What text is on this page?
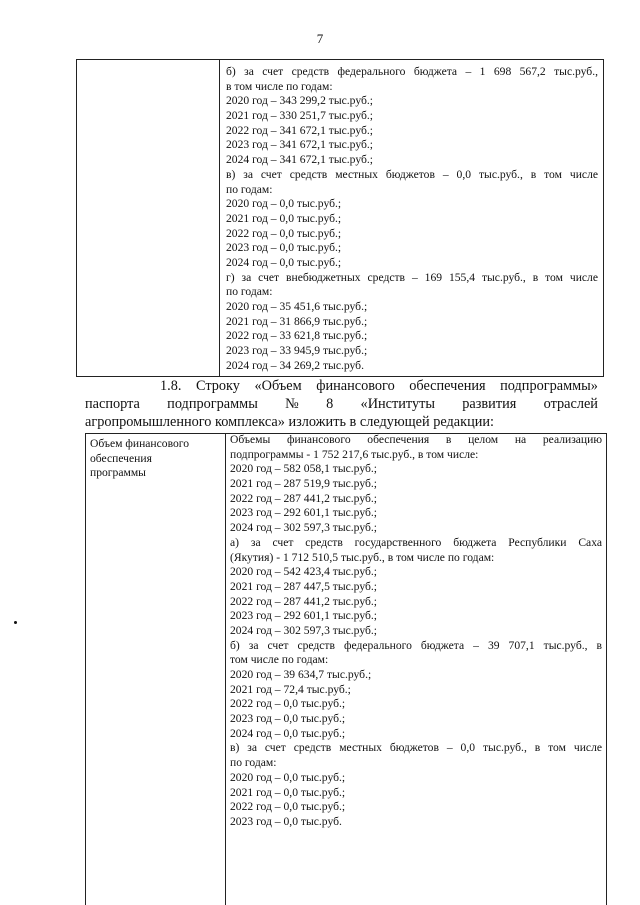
7
б) за счет средств федерального бюджета – 1 698 567,2 тыс.руб.,
в том числе по годам:
2020 год – 343 299,2 тыс.руб.;
2021 год – 330 251,7 тыс.руб.;
2022 год – 341 672,1 тыс.руб.;
2023 год – 341 672,1 тыс.руб.;
2024 год – 341 672,1 тыс.руб.;
в) за счет средств местных бюджетов – 0,0 тыс.руб., в том числе
по годам:
2020 год – 0,0 тыс.руб.;
2021 год – 0,0 тыс.руб.;
2022 год – 0,0 тыс.руб.;
2023 год – 0,0 тыс.руб.;
2024 год – 0,0 тыс.руб.;
г) за счет внебюджетных средств – 169 155,4 тыс.руб., в том числе
по годам:
2020 год – 35 451,6 тыс.руб.;
2021 год – 31 866,9 тыс.руб.;
2022 год – 33 621,8 тыс.руб.;
2023 год – 33 945,9 тыс.руб.;
2024 год – 34 269,2 тыс.руб.
1.8. Строку «Объем финансового обеспечения подпрограммы»
паспорта подпрограммы № 8 «Институты развития отраслей
агропромышленного комплекса» изложить в следующей редакции:
Объем финансового
обеспечения
программы
Объемы финансового обеспечения в целом на реализацию
подпрограммы - 1 752 217,6 тыс.руб., в том числе:
2020 год – 582 058,1 тыс.руб.;
2021 год – 287 519,9 тыс.руб.;
2022 год – 287 441,2 тыс.руб.;
2023 год – 292 601,1 тыс.руб.;
2024 год – 302 597,3 тыс.руб.;
а) за счет средств государственного бюджета Республики Саха
(Якутия) - 1 712 510,5 тыс.руб., в том числе по годам:
2020 год – 542 423,4 тыс.руб.;
2021 год – 287 447,5 тыс.руб.;
2022 год – 287 441,2 тыс.руб.;
2023 год – 292 601,1 тыс.руб.;
2024 год – 302 597,3 тыс.руб.;
б) за счет средств федерального бюджета – 39 707,1 тыс.руб., в
том числе по годам:
2020 год – 39 634,7 тыс.руб.;
2021 год – 72,4 тыс.руб.;
2022 год – 0,0 тыс.руб.;
2023 год – 0,0 тыс.руб.;
2024 год – 0,0 тыс.руб.;
в) за счет средств местных бюджетов – 0,0 тыс.руб., в том числе
по годам:
2020 год – 0,0 тыс.руб.;
2021 год – 0,0 тыс.руб.;
2022 год – 0,0 тыс.руб.;
2023 год – 0,0 тыс.руб.
